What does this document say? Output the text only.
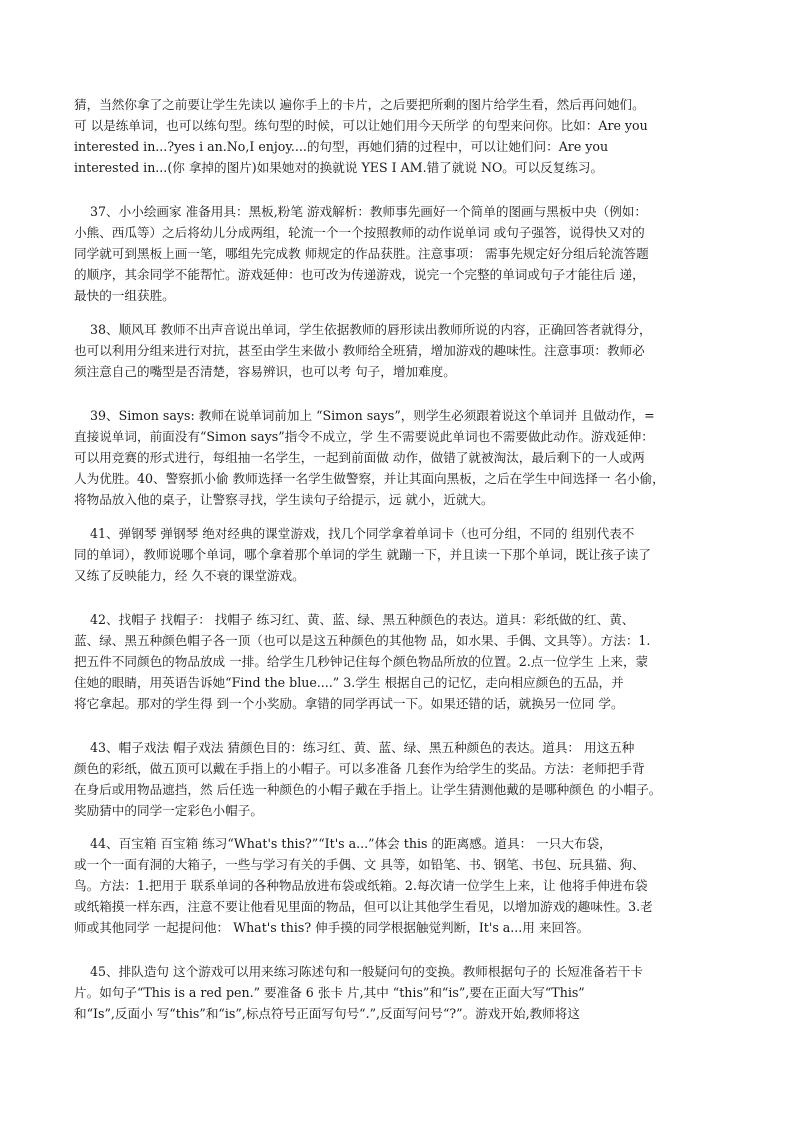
猜，当然你拿了之前要让学生先读以 遍你手上的卡片，之后要把所剩的图片给学生看，然后再问她们。
可 以是练单词，也可以练句型。练句型的时候，可以让她们用今天所学 的句型来问你。比如：Are you
interested in...?yes i an.No,I enjoy....的句型，再她们猜的过程中，可以让她们问：Are you
interested in...(你 拿掉的图片)如果她对的换就说 YES I AM.错了就说 NO。可以反复练习。
37、小小绘画家 准备用具：黑板,粉笔 游戏解析：教师事先画好一个简单的图画与黑板中央（例如：
小熊、西瓜等）之后将幼儿分成两组，轮流一个一个按照教师的动作说单词 或句子强答，说得快又对的
同学就可到黑板上画一笔，哪组先完成教 师规定的作品获胜。注意事项： 需事先规定好分组后轮流答题
的顺序，其余同学不能帮忙。游戏延伸：也可改为传递游戏，说完一个完整的单词或句子才能往后 递，
最快的一组获胜。
38、顺风耳 教师不出声音说出单词，学生依据教师的唇形读出教师所说的内容，正确回答者就得分，
也可以利用分组来进行对抗，甚至由学生来做小 教师给全班猜，增加游戏的趣味性。注意事项：教师必
须注意自己的嘴型是否清楚，容易辨识，也可以考 句子，增加难度。
39、Simon says: 教师在说单词前加上 “Simon says”，则学生必须跟着说这个单词并 且做动作，=
直接说单词，前面没有“Simon says”指令不成立，学 生不需要说此单词也不需要做此动作。游戏延伸：
可以用竞赛的形式进行，每组抽一名学生，一起到前面做 动作，做错了就被淘汰，最后剩下的一人或两
人为优胜。40、警察抓小偷 教师选择一名学生做警察，并让其面向黑板，之后在学生中间选择一 名小偷，
将物品放入他的桌子，让警察寻找，学生读句子给提示，远 就小，近就大。
41、弹钢琴 弹钢琴 绝对经典的课堂游戏，找几个同学拿着单词卡（也可分组，不同的 组别代表不
同的单词），教师说哪个单词，哪个拿着那个单词的学生 就蹦一下，并且读一下那个单词，既让孩子读了
又练了反映能力，经 久不衰的课堂游戏。
42、找帽子 找帽子： 找帽子 练习红、黄、蓝、绿、黑五种颜色的表达。道具：彩纸做的红、黄、
蓝、绿、黑五种颜色帽子各一顶（也可以是这五种颜色的其他物 品，如水果、手偶、文具等）。方法：1.
把五件不同颜色的物品放成 一排。给学生几秒钟记住每个颜色物品所放的位置。2.点一位学生 上来，蒙
住她的眼睛，用英语告诉她“Find the blue....” 3.学生 根据自己的记忆，走向相应颜色的五品，并
将它拿起。那对的学生得 到一个小奖励。拿错的同学再试一下。如果还错的话，就换另一位同 学。
43、帽子戏法 帽子戏法 猜颜色目的：练习红、黄、蓝、绿、黑五种颜色的表达。道具： 用这五种
颜色的彩纸，做五顶可以戴在手指上的小帽子。可以多准备 几套作为给学生的奖品。方法：老师把手背
在身后或用物品遮挡，然 后任选一种颜色的小帽子戴在手指上。让学生猜测他戴的是哪种颜色 的小帽子。
奖励猜中的同学一定彩色小帽子。
44、百宝箱 百宝箱 练习“What's this?”“It's a...”体会 this 的距离感。道具： 一只大布袋，
或一个一面有洞的大箱子，一些与学习有关的手偶、文 具等，如铅笔、书、钢笔、书包、玩具猫、狗、
鸟。方法：1.把用于 联系单词的各种物品放进布袋或纸箱。2.每次请一位学生上来，让 他将手伸进布袋
或纸箱摸一样东西，注意不要让他看见里面的物品，但可以让其他学生看见，以增加游戏的趣味性。3.老
师或其他同学 一起提问他： What's this? 伸手摸的同学根据触觉判断，It's a...用 来回答。
45、排队造句 这个游戏可以用来练习陈述句和一般疑问句的变换。教师根据句子的 长短准备若干卡
片。如句子“This is a red pen.” 要准备 6 张卡 片,其中 “this”和“is”,要在正面大写“This”
和“Is”,反面小 写“this”和“is”,标点符号正面写句号“.”,反面写问号“?”。游戏开始,教师将这
